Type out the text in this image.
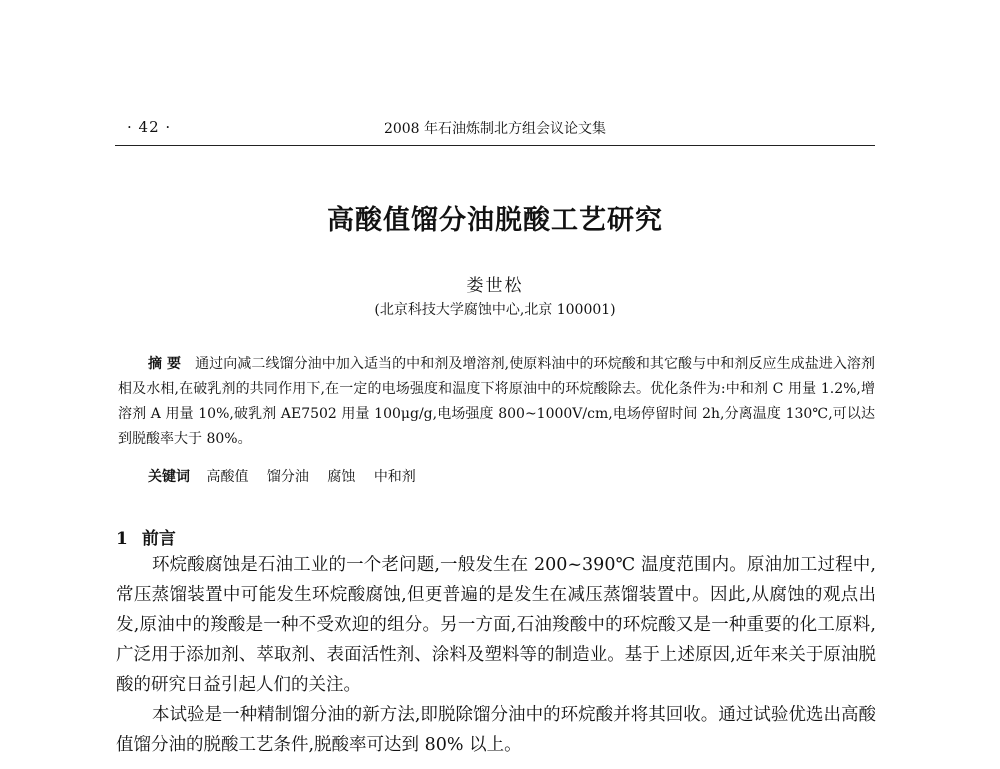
· 42 ·	2008 年石油炼制北方组会议论文集
高酸值馏分油脱酸工艺研究
娄世松
(北京科技大学腐蚀中心,北京 100001)

摘 要 通过向减二线馏分油中加入适当的中和剂及增溶剂,使原料油中的环烷酸和其它酸与中和剂反应生成盐进入溶剂相及水相,在破乳剂的共同作用下,在一定的电场强度和温度下将原油中的环烷酸除去。优化条件为:中和剂 C 用量 1.2%,增溶剂 A 用量 10%,破乳剂 AE7502 用量 100μg/g,电场强度 800~1000V/cm,电场停留时间 2h,分离温度 130℃,可以达到脱酸率大于 80%。

关键词 高酸值 馏分油 腐蚀 中和剂
1 前言

环烷酸腐蚀是石油工业的一个老问题,一般发生在 200~390℃ 温度范围内。原油加工过程中,常压蒸馏装置中可能发生环烷酸腐蚀,但更普遍的是发生在减压蒸馏装置中。因此,从腐蚀的观点出发,原油中的羧酸是一种不受欢迎的组分。另一方面,石油羧酸中的环烷酸又是一种重要的化工原料,广泛用于添加剂、萃取剂、表面活性剂、涂料及塑料等的制造业。基于上述原因,近年来关于原油脱酸的研究日益引起人们的关注。

本试验是一种精制馏分油的新方法,即脱除馏分油中的环烷酸并将其回收。通过试验优选出高酸值馏分油的脱酸工艺条件,脱酸率可达到 80% 以上。
